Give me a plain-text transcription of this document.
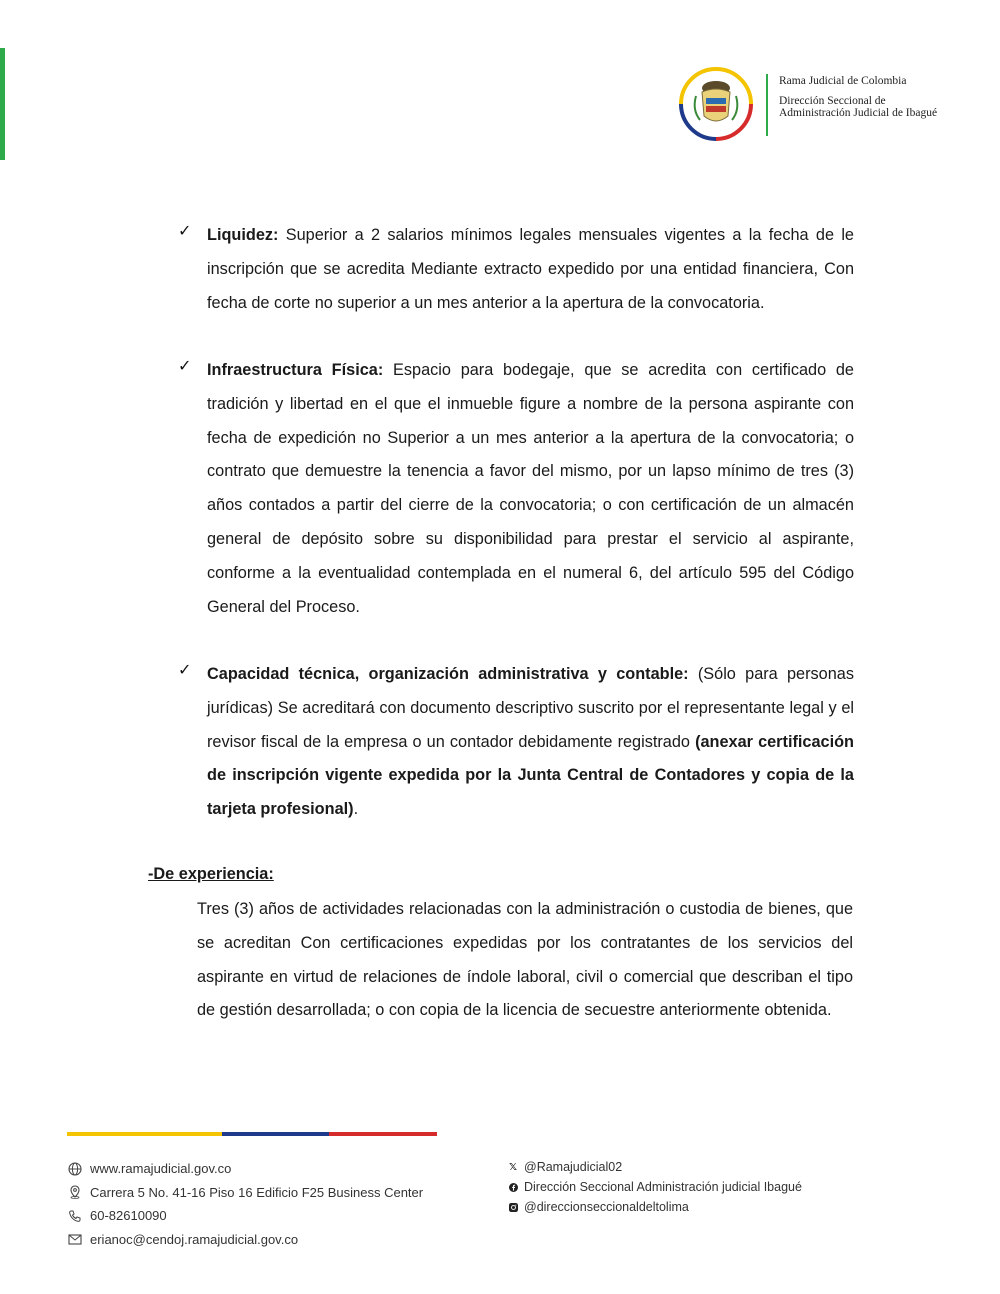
Rama Judicial de Colombia
Dirección Seccional de Administración Judicial de Ibagué
✓ Liquidez: Superior a 2 salarios mínimos legales mensuales vigentes a la fecha de le inscripción que se acredita Mediante extracto expedido por una entidad financiera, Con fecha de corte no superior a un mes anterior a la apertura de la convocatoria.
✓ Infraestructura Física: Espacio para bodegaje, que se acredita con certificado de tradición y libertad en el que el inmueble figure a nombre de la persona aspirante con fecha de expedición no Superior a un mes anterior a la apertura de la convocatoria; o contrato que demuestre la tenencia a favor del mismo, por un lapso mínimo de tres (3) años contados a partir del cierre de la convocatoria; o con certificación de un almacén general de depósito sobre su disponibilidad para prestar el servicio al aspirante, conforme a la eventualidad contemplada en el numeral 6, del artículo 595 del Código General del Proceso.
✓ Capacidad técnica, organización administrativa y contable: (Sólo para personas jurídicas) Se acreditará con documento descriptivo suscrito por el representante legal y el revisor fiscal de la empresa o un contador debidamente registrado (anexar certificación de inscripción vigente expedida por la Junta Central de Contadores y copia de la tarjeta profesional).
-De experiencia:
Tres (3) años de actividades relacionadas con la administración o custodia de bienes, que se acreditan Con certificaciones expedidas por los contratantes de los servicios del aspirante en virtud de relaciones de índole laboral, civil o comercial que describan el tipo de gestión desarrollada; o con copia de la licencia de secuestre anteriormente obtenida.
www.ramajudicial.gov.co
Carrera 5 No. 41-16 Piso 16 Edificio F25 Business Center
60-82610090
erianoc@cendoj.ramajudicial.gov.co
𝕏 @Ramajudicial02
Dirección Seccional Administración judicial Ibagué
@direccionseccionaldeltolima
